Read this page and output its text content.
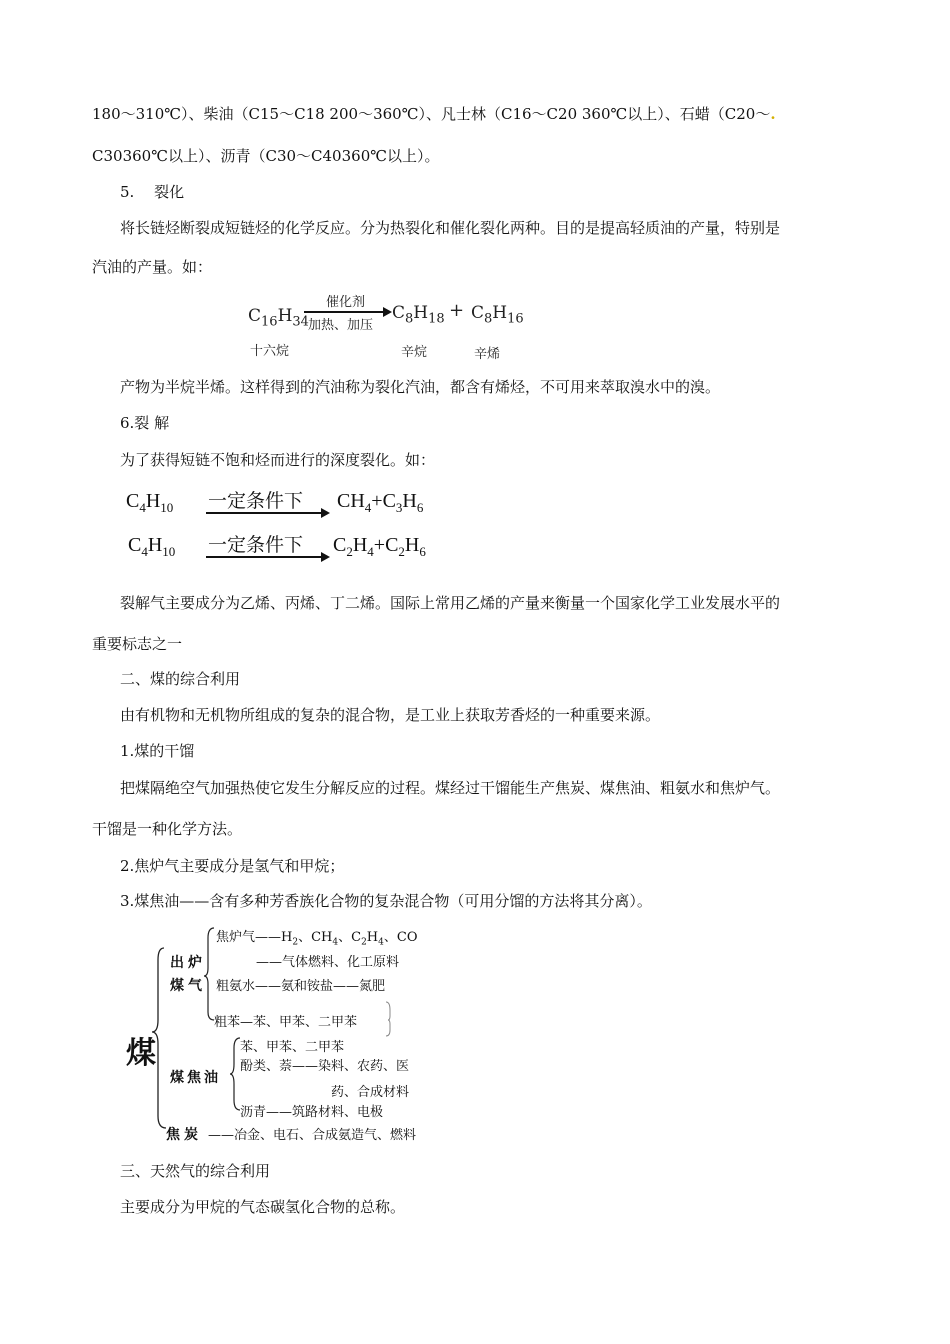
180～310℃）、柴油（C15～C18 200～360℃）、凡士林（C16～C20 360℃以上）、石蜡（C20～.
C30360℃以上）、沥青（C30～C40360℃以上）。
5.　 裂化
将长链烃断裂成短链烃的化学反应。分为热裂化和催化裂化两种。目的是提高轻质油的产量，特别是
汽油的产量。如：
$C_{16}H_{34}$
催化剂
加热、加压
$C_8H_{18} + C_8H_{16}$
十六烷	辛烷	辛烯
产物为半烷半烯。这样得到的汽油称为裂化汽油，都含有烯烃，不可用来萃取溴水中的溴。
6.裂 解
为了获得短链不饱和烃而进行的深度裂化。如：
$C_4H_{10}$ 一定条件下 $CH_4+C_3H_6$
$C_4H_{10}$ 一定条件下 $C_2H_4+C_2H_6$
裂解气主要成分为乙烯、丙烯、丁二烯。国际上常用乙烯的产量来衡量一个国家化学工业发展水平的
重要标志之一
二、煤的综合利用
由有机物和无机物所组成的复杂的混合物，是工业上获取芳香烃的一种重要来源。
1.煤的干馏
把煤隔绝空气加强热使它发生分解反应的过程。煤经过干馏能生产焦炭、煤焦油、粗氨水和焦炉气。
干馏是一种化学方法。
2.焦炉气主要成分是氢气和甲烷；
3.煤焦油——含有多种芳香族化合物的复杂混合物（可用分馏的方法将其分离）。
煤
出炉
煤气
焦炉气$——H_2$、$CH_4$、$C_2H_4$、CO
——气体燃料、化工原料
粗氨水——氨和铵盐——氮肥
粗苯—苯、甲苯、二甲苯
煤焦油
苯、甲苯、二甲苯
酚类、萘——染料、农药、医
药、合成材料
沥青——筑路材料、电极
焦炭 ——冶金、电石、合成氨造气、燃料
三、天然气的综合利用
主要成分为甲烷的气态碳氢化合物的总称。
